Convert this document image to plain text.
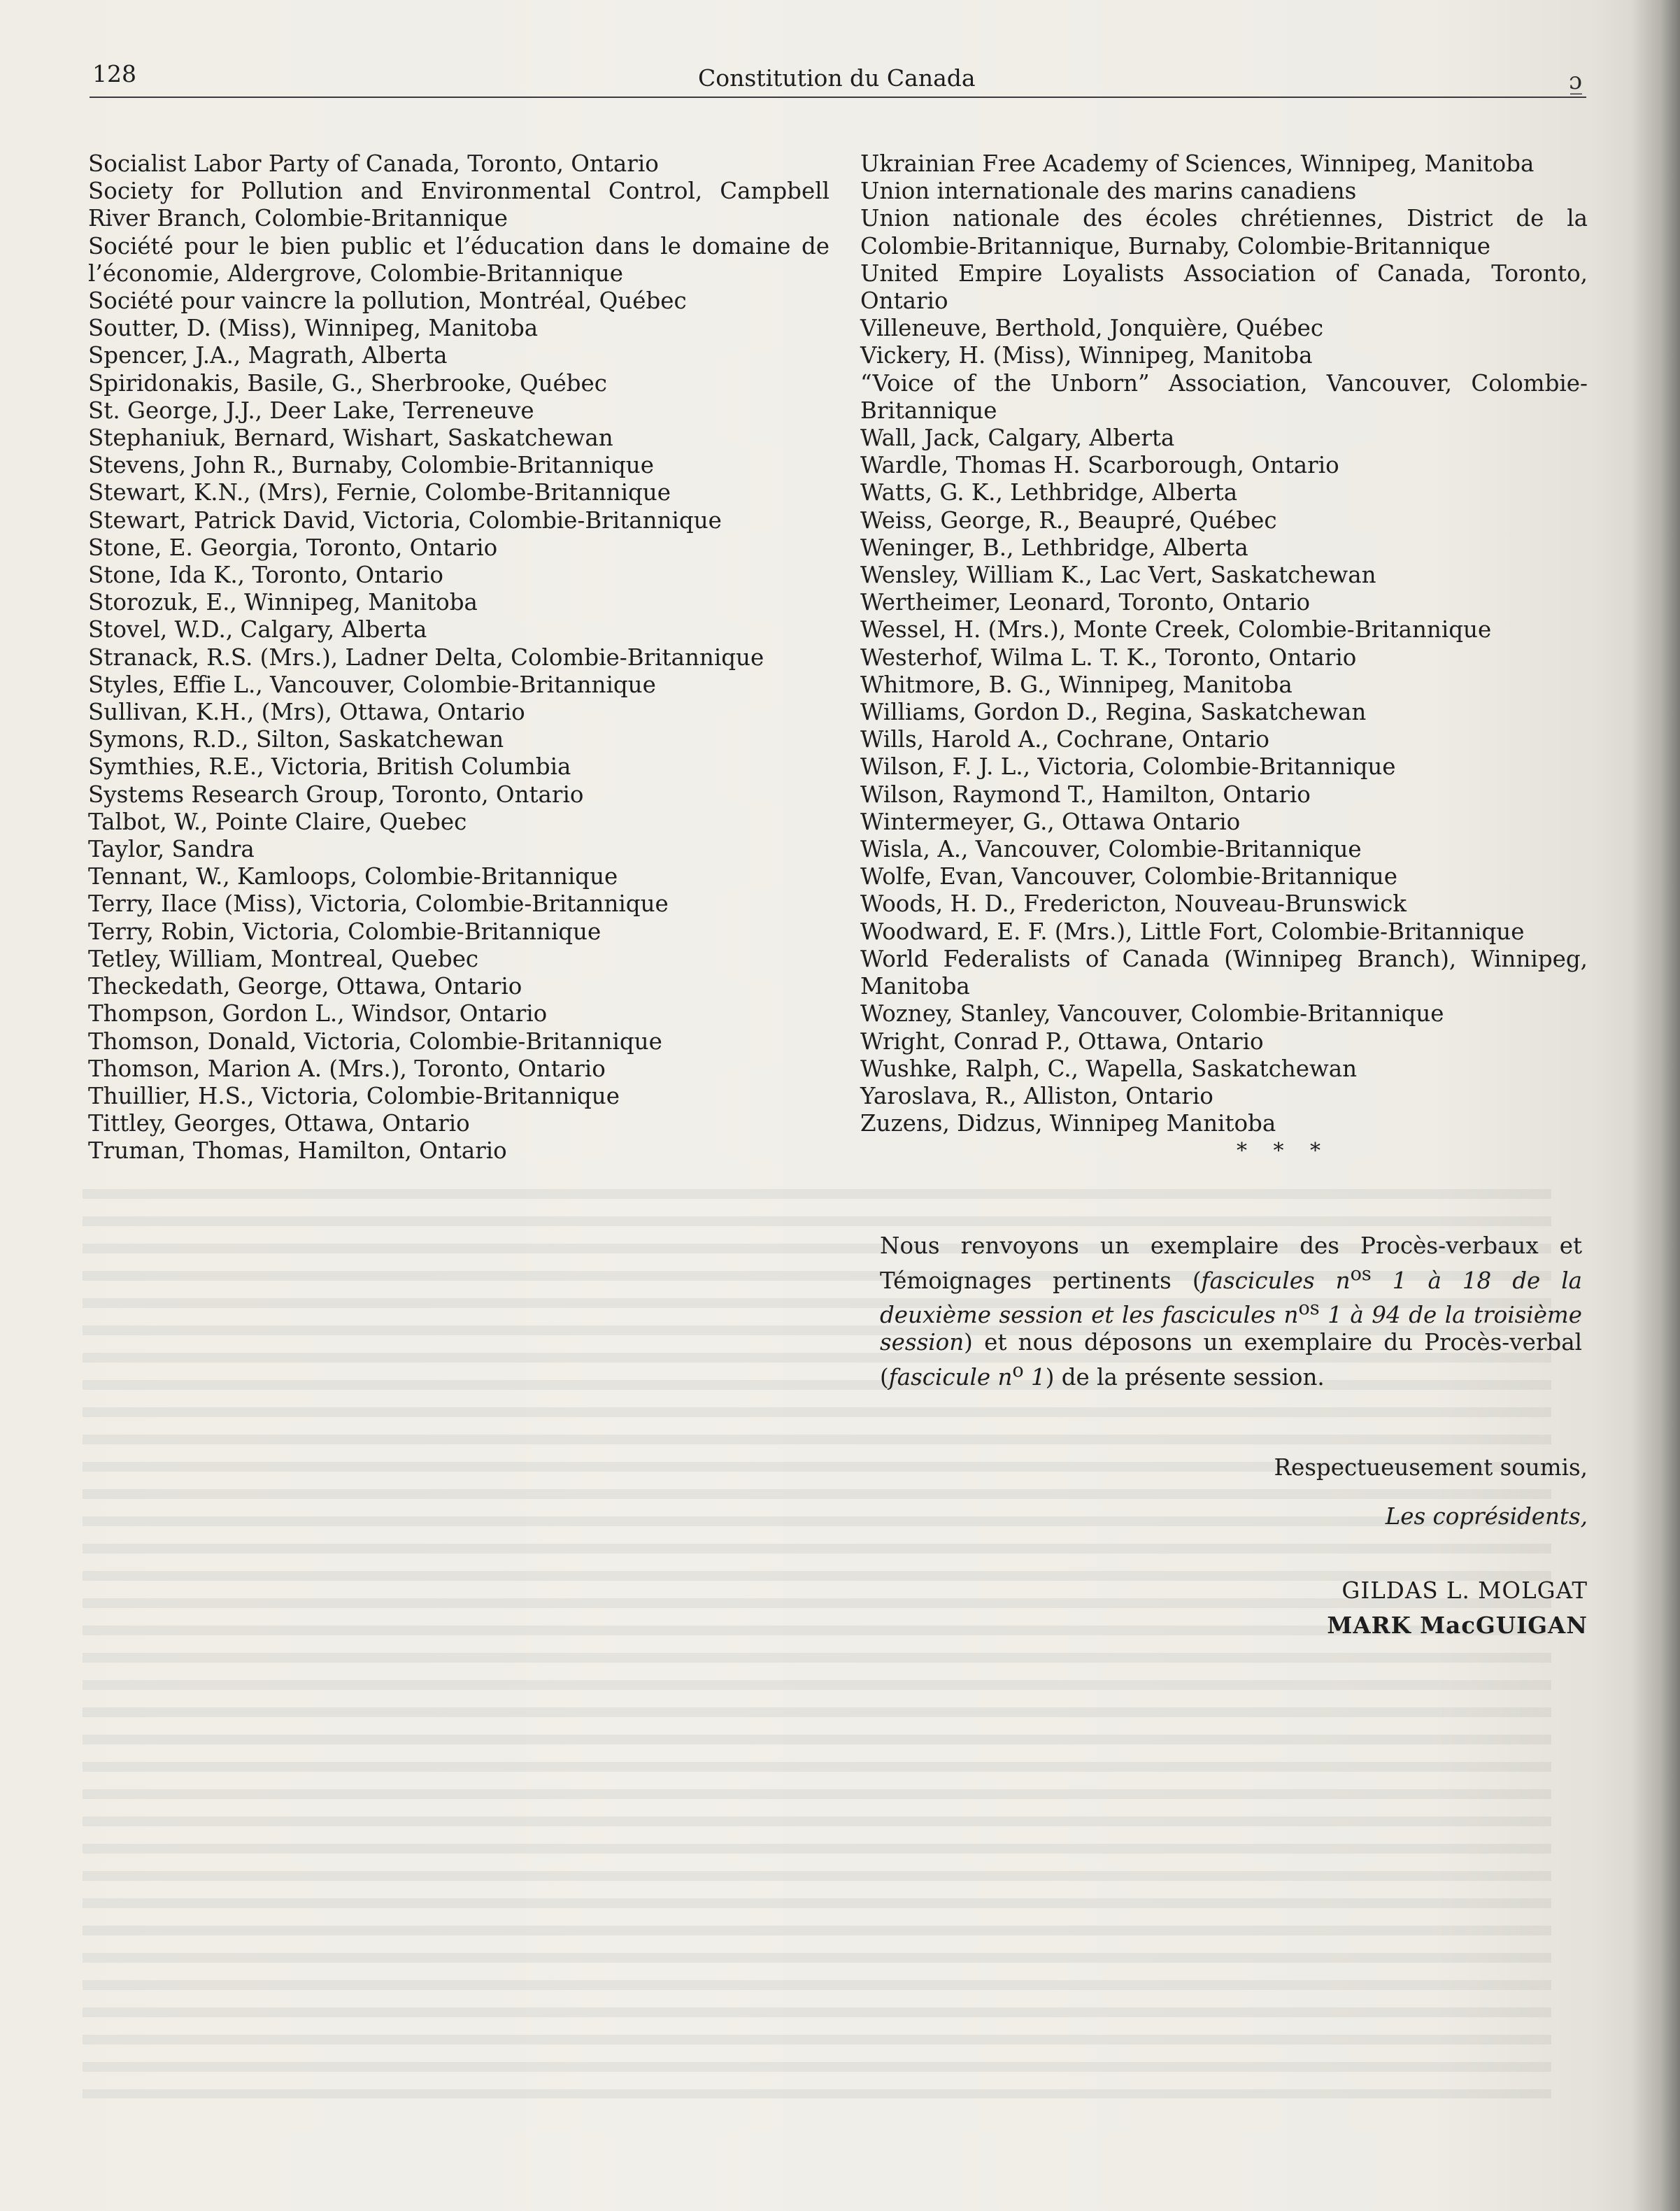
128	Constitution du Canada	ɔ̲
Socialist Labor Party of Canada, Toronto, Ontario
Society for Pollution and Environmental Control, Campbell River Branch, Colombie-Britannique
Société pour le bien public et l’éducation dans le domaine de l’économie, Aldergrove, Colombie-Britannique
Société pour vaincre la pollution, Montréal, Québec
Soutter, D. (Miss), Winnipeg, Manitoba
Spencer, J.A., Magrath, Alberta
Spiridonakis, Basile, G., Sherbrooke, Québec
St. George, J.J., Deer Lake, Terreneuve
Stephaniuk, Bernard, Wishart, Saskatchewan
Stevens, John R., Burnaby, Colombie-Britannique
Stewart, K.N., (Mrs), Fernie, Colombe-Britannique
Stewart, Patrick David, Victoria, Colombie-Britannique
Stone, E. Georgia, Toronto, Ontario
Stone, Ida K., Toronto, Ontario
Storozuk, E., Winnipeg, Manitoba
Stovel, W.D., Calgary, Alberta
Stranack, R.S. (Mrs.), Ladner Delta, Colombie-Britannique
Styles, Effie L., Vancouver, Colombie-Britannique
Sullivan, K.H., (Mrs), Ottawa, Ontario
Symons, R.D., Silton, Saskatchewan
Symthies, R.E., Victoria, British Columbia
Systems Research Group, Toronto, Ontario
Talbot, W., Pointe Claire, Quebec
Taylor, Sandra
Tennant, W., Kamloops, Colombie-Britannique
Terry, Ilace (Miss), Victoria, Colombie-Britannique
Terry, Robin, Victoria, Colombie-Britannique
Tetley, William, Montreal, Quebec
Theckedath, George, Ottawa, Ontario
Thompson, Gordon L., Windsor, Ontario
Thomson, Donald, Victoria, Colombie-Britannique
Thomson, Marion A. (Mrs.), Toronto, Ontario
Thuillier, H.S., Victoria, Colombie-Britannique
Tittley, Georges, Ottawa, Ontario
Truman, Thomas, Hamilton, Ontario
Ukrainian Free Academy of Sciences, Winnipeg, Manitoba
Union internationale des marins canadiens
Union nationale des écoles chrétiennes, District de la Colombie-Britannique, Burnaby, Colombie-Britannique
United Empire Loyalists Association of Canada, Toronto, Ontario
Villeneuve, Berthold, Jonquière, Québec
Vickery, H. (Miss), Winnipeg, Manitoba
“Voice of the Unborn” Association, Vancouver, Colombie-Britannique
Wall, Jack, Calgary, Alberta
Wardle, Thomas H. Scarborough, Ontario
Watts, G. K., Lethbridge, Alberta
Weiss, George, R., Beaupré, Québec
Weninger, B., Lethbridge, Alberta
Wensley, William K., Lac Vert, Saskatchewan
Wertheimer, Leonard, Toronto, Ontario
Wessel, H. (Mrs.), Monte Creek, Colombie-Britannique
Westerhof, Wilma L. T. K., Toronto, Ontario
Whitmore, B. G., Winnipeg, Manitoba
Williams, Gordon D., Regina, Saskatchewan
Wills, Harold A., Cochrane, Ontario
Wilson, F. J. L., Victoria, Colombie-Britannique
Wilson, Raymond T., Hamilton, Ontario
Wintermeyer, G., Ottawa Ontario
Wisla, A., Vancouver, Colombie-Britannique
Wolfe, Evan, Vancouver, Colombie-Britannique
Woods, H. D., Fredericton, Nouveau-Brunswick
Woodward, E. F. (Mrs.), Little Fort, Colombie-Britannique
World Federalists of Canada (Winnipeg Branch), Winnipeg, Manitoba
Wozney, Stanley, Vancouver, Colombie-Britannique
Wright, Conrad P., Ottawa, Ontario
Wushke, Ralph, C., Wapella, Saskatchewan
Yaroslava, R., Alliston, Ontario
Zuzens, Didzus, Winnipeg Manitoba
* * *
Nous renvoyons un exemplaire des Procès-verbaux et Témoignages pertinents (fascicules $n^{os}$ 1 à 18 de la deuxième session et les fascicules $n^{os}$ 1 à 94 de la troisième session) et nous déposons un exemplaire du Procès-verbal (fascicule $n^o$ 1) de la présente session.
Respectueusement soumis,
Les coprésidents,
GILDAS L. MOLGAT
MARK MacGUIGAN
